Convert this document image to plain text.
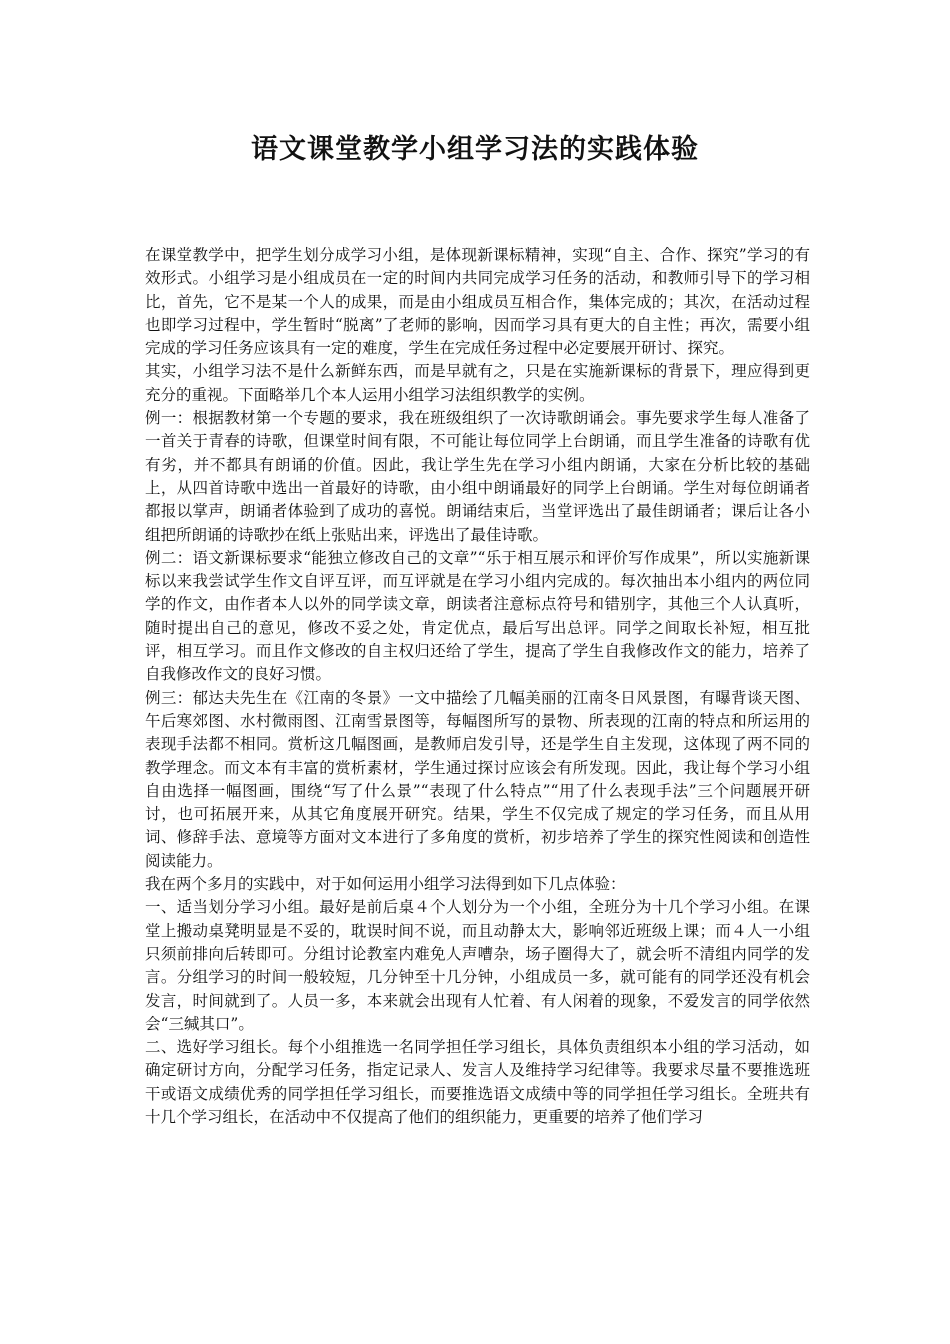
语文课堂教学小组学习法的实践体验

在课堂教学中，把学生划分成学习小组，是体现新课标精神，实现“自主、合作、探究”学习的有效形式。小组学习是小组成员在一定的时间内共同完成学习任务的活动，和教师引导下的学习相比，首先，它不是某一个人的成果，而是由小组成员互相合作，集体完成的；其次，在活动过程也即学习过程中，学生暂时“脱离”了老师的影响，因而学习具有更大的自主性；再次，需要小组完成的学习任务应该具有一定的难度，学生在完成任务过程中必定要展开研讨、探究。

其实，小组学习法不是什么新鲜东西，而是早就有之，只是在实施新课标的背景下，理应得到更充分的重视。下面略举几个本人运用小组学习法组织教学的实例。

例一：根据教材第一个专题的要求，我在班级组织了一次诗歌朗诵会。事先要求学生每人准备了一首关于青春的诗歌，但课堂时间有限，不可能让每位同学上台朗诵，而且学生准备的诗歌有优有劣，并不都具有朗诵的价值。因此，我让学生先在学习小组内朗诵，大家在分析比较的基础上，从四首诗歌中选出一首最好的诗歌，由小组中朗诵最好的同学上台朗诵。学生对每位朗诵者都报以掌声，朗诵者体验到了成功的喜悦。朗诵结束后，当堂评选出了最佳朗诵者；课后让各小组把所朗诵的诗歌抄在纸上张贴出来，评选出了最佳诗歌。

例二：语文新课标要求“能独立修改自己的文章”“乐于相互展示和评价写作成果”，所以实施新课标以来我尝试学生作文自评互评，而互评就是在学习小组内完成的。每次抽出本小组内的两位同学的作文，由作者本人以外的同学读文章，朗读者注意标点符号和错别字，其他三个人认真听，随时提出自己的意见，修改不妥之处，肯定优点，最后写出总评。同学之间取长补短，相互批评，相互学习。而且作文修改的自主权归还给了学生，提高了学生自我修改作文的能力，培养了自我修改作文的良好习惯。

例三：郁达夫先生在《江南的冬景》一文中描绘了几幅美丽的江南冬日风景图，有曝背谈天图、午后寒郊图、水村微雨图、江南雪景图等，每幅图所写的景物、所表现的江南的特点和所运用的表现手法都不相同。赏析这几幅图画，是教师启发引导，还是学生自主发现，这体现了两不同的教学理念。而文本有丰富的赏析素材，学生通过探讨应该会有所发现。因此，我让每个学习小组自由选择一幅图画，围绕“写了什么景”“表现了什么特点”“用了什么表现手法”三个问题展开研讨，也可拓展开来，从其它角度展开研究。结果，学生不仅完成了规定的学习任务，而且从用词、修辞手法、意境等方面对文本进行了多角度的赏析，初步培养了学生的探究性阅读和创造性阅读能力。

我在两个多月的实践中，对于如何运用小组学习法得到如下几点体验：

一、适当划分学习小组。最好是前后桌４个人划分为一个小组，全班分为十几个学习小组。在课堂上搬动桌凳明显是不妥的，耽误时间不说，而且动静太大，影响邻近班级上课；而４人一小组只须前排向后转即可。分组讨论教室内难免人声嘈杂，场子圈得大了，就会听不清组内同学的发言。分组学习的时间一般较短，几分钟至十几分钟，小组成员一多，就可能有的同学还没有机会发言，时间就到了。人员一多，本来就会出现有人忙着、有人闲着的现象，不爱发言的同学依然会“三缄其口”。

二、选好学习组长。每个小组推选一名同学担任学习组长，具体负责组织本小组的学习活动，如确定研讨方向，分配学习任务，指定记录人、发言人及维持学习纪律等。我要求尽量不要推选班干或语文成绩优秀的同学担任学习组长，而要推选语文成绩中等的同学担任学习组长。全班共有十几个学习组长，在活动中不仅提高了他们的组织能力，更重要的培养了他们学习
